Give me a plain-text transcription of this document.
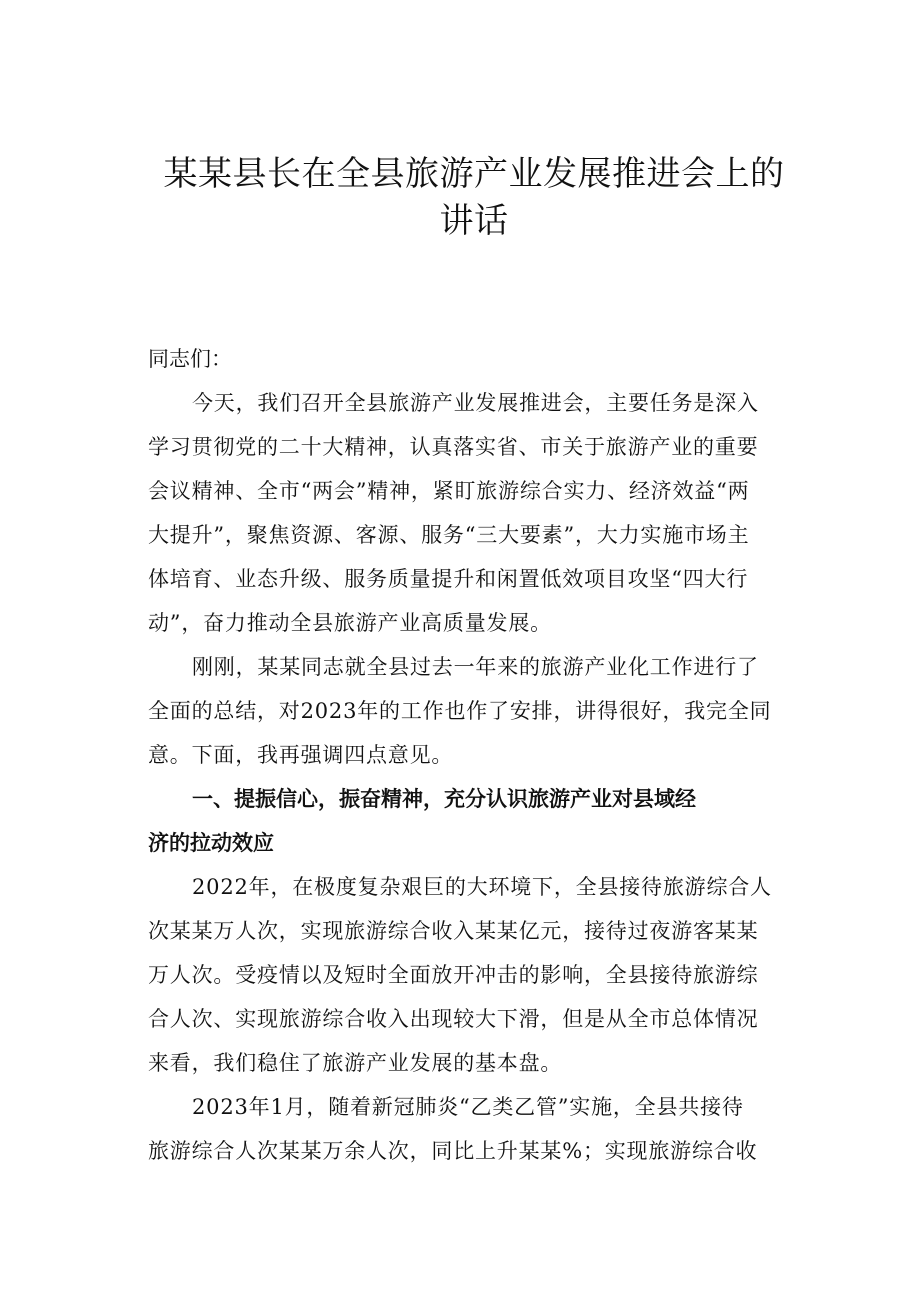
某某县长在全县旅游产业发展推进会上的
讲话

同志们：

今天，我们召开全县旅游产业发展推进会，主要任务是深入
学习贯彻党的二十大精神，认真落实省、市关于旅游产业的重要
会议精神、全市“两会”精神，紧盯旅游综合实力、经济效益“两
大提升”，聚焦资源、客源、服务“三大要素”，大力实施市场主
体培育、业态升级、服务质量提升和闲置低效项目攻坚“四大行
动”，奋力推动全县旅游产业高质量发展。

刚刚，某某同志就全县过去一年来的旅游产业化工作进行了
全面的总结，对2023年的工作也作了安排，讲得很好，我完全同
意。下面，我再强调四点意见。

一、提振信心，振奋精神，充分认识旅游产业对县域经
济的拉动效应

2022年，在极度复杂艰巨的大环境下，全县接待旅游综合人
次某某万人次，实现旅游综合收入某某亿元，接待过夜游客某某
万人次。受疫情以及短时全面放开冲击的影响，全县接待旅游综
合人次、实现旅游综合收入出现较大下滑，但是从全市总体情况
来看，我们稳住了旅游产业发展的基本盘。

2023年1月，随着新冠肺炎“乙类乙管”实施，全县共接待
旅游综合人次某某万余人次，同比上升某某%；实现旅游综合收
